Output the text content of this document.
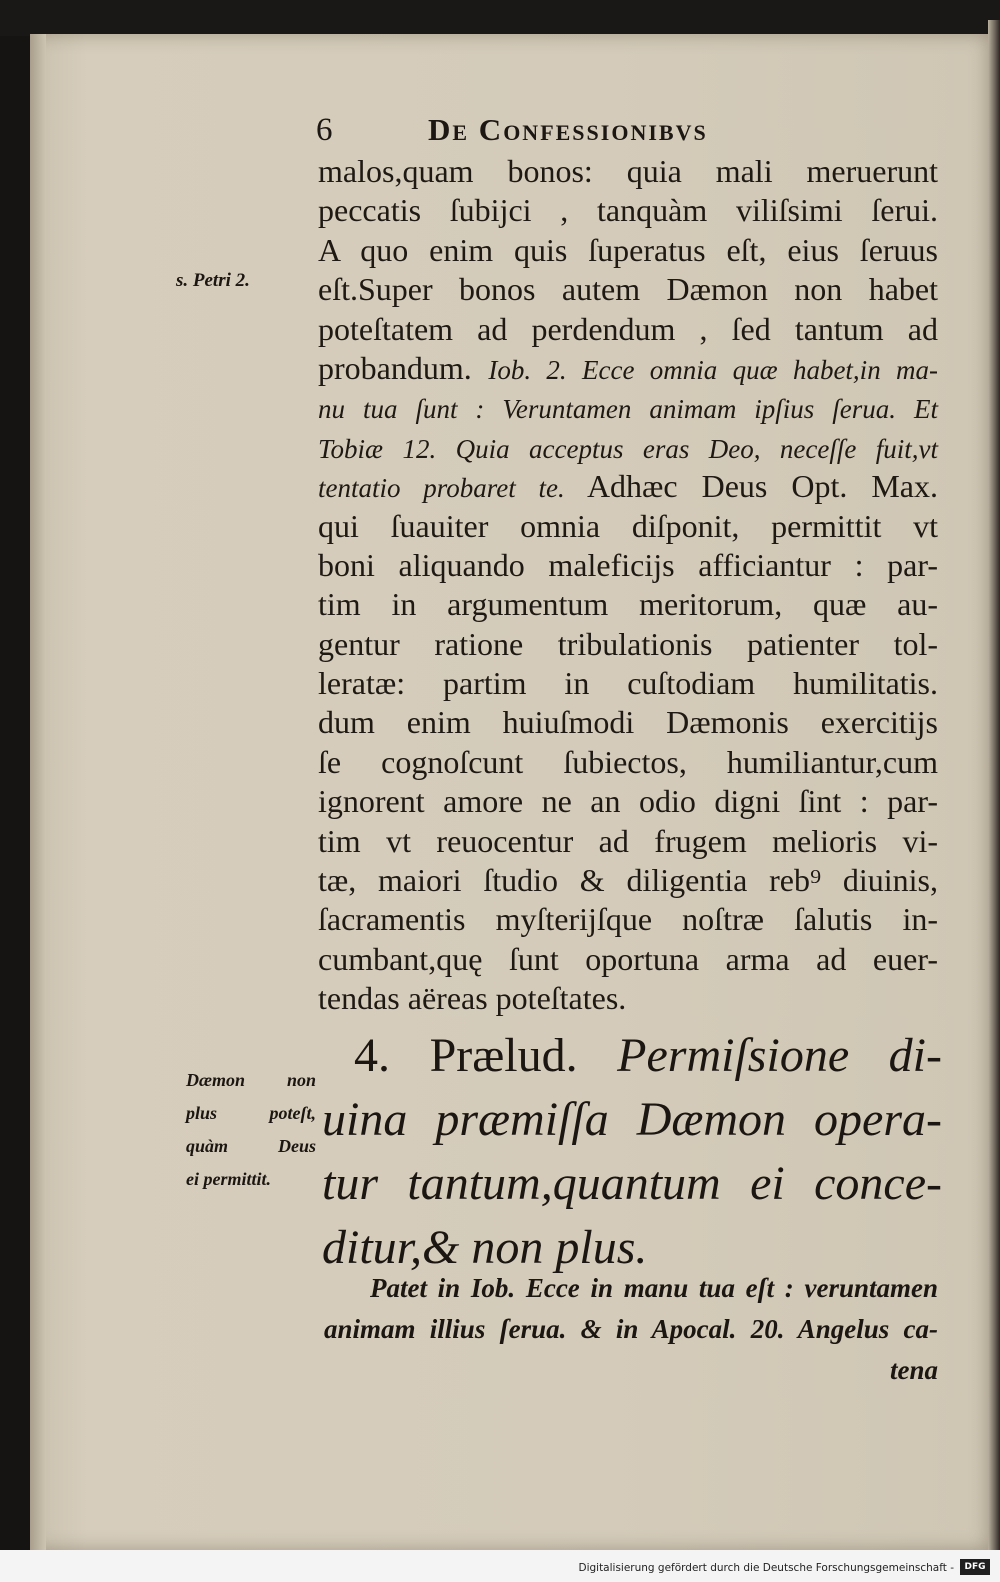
6	De Confessionibvs
s. Petri 2.
malos,quam bonos: quia mali meruerunt
peccatis ſubijci , tanquàm viliſsimi ſerui.
A quo enim quis ſuperatus eſt, eius ſeruus
eſt.Super bonos autem Dæmon non habet
poteſtatem ad perdendum , ſed tantum ad
probandum. Iob. 2. Ecce omnia quæ habet,in ma-
nu tua ſunt : Veruntamen animam ipſius ſerua. Et
Tobiæ 12. Quia acceptus eras Deo, neceſſe fuit,vt
tentatio probaret te. Adhæc Deus Opt. Max.
qui ſuauiter omnia diſponit, permittit vt
boni aliquando maleficijs afficiantur : par-
tim in argumentum meritorum, quæ au-
gentur ratione tribulationis patienter tol-
leratæ: partim in cuſtodiam humilitatis.
dum enim huiuſmodi Dæmonis exercitijs
ſe cognoſcunt ſubiectos, humiliantur,cum
ignorent amore ne an odio digni ſint : par-
tim vt reuocentur ad frugem melioris vi-
tæ, maiori ſtudio & diligentia reb⁹ diuinis,
ſacramentis myſterijſque noſtræ ſalutis in-
cumbant,quę ſunt oportuna arma ad euer-
tendas aëreas poteſtates.
4. Prælud. Permiſsione di-
uina præmiſſa Dæmon opera-
tur tantum,quantum ei conce-
ditur,& non plus.
Dæmon non
plus poteſt,
quàm Deus
ei permittit.
Patet in Iob. Ecce in manu tua eſt : veruntamen
animam illius ſerua. & in Apocal. 20. Angelus ca-
tena
Digitalisierung gefördert durch die Deutsche Forschungsgemeinschaft -	DFG
